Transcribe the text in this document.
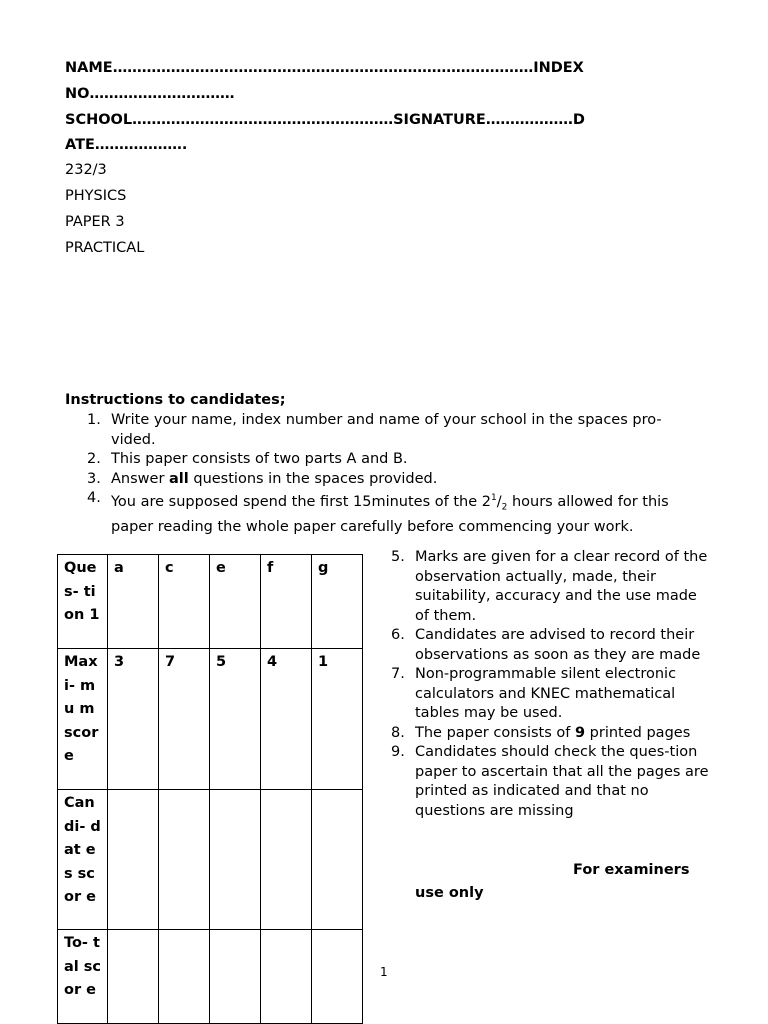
NAME……………………………………………………………………………INDEX
NO…………………………
SCHOOL………………………………………………SIGNATURE………………D
ATE……………….
232/3
PHYSICS
PAPER 3
PRACTICAL
Instructions to candidates;
1. Write your name, index number and name of your school in the spaces pro-vided.
2. This paper consists of two parts A and B.
3. Answer all questions in the spaces provided.
4. You are supposed spend the first 15minutes of the $2^1/_2$ hours allowed for this paper reading the whole paper carefully before commencing your work.
Que s- tion 1	a	c	e	f	g
Max i- mu m scor e	3	7	5	4	1
Can di- dat es scor e					
To- tal scor e					
5. Marks are given for a clear record of the observation actually, made, their suitability, accuracy and the use made of them.
6. Candidates are advised to record their observations as soon as they are made
7. Non-programmable silent electronic calculators and KNEC mathematical tables may be used.
8. The paper consists of 9 printed pages
9. Candidates should check the ques-tion paper to ascertain that all the pages are printed as indicated and that no questions are missing
For examiners
use only
1
